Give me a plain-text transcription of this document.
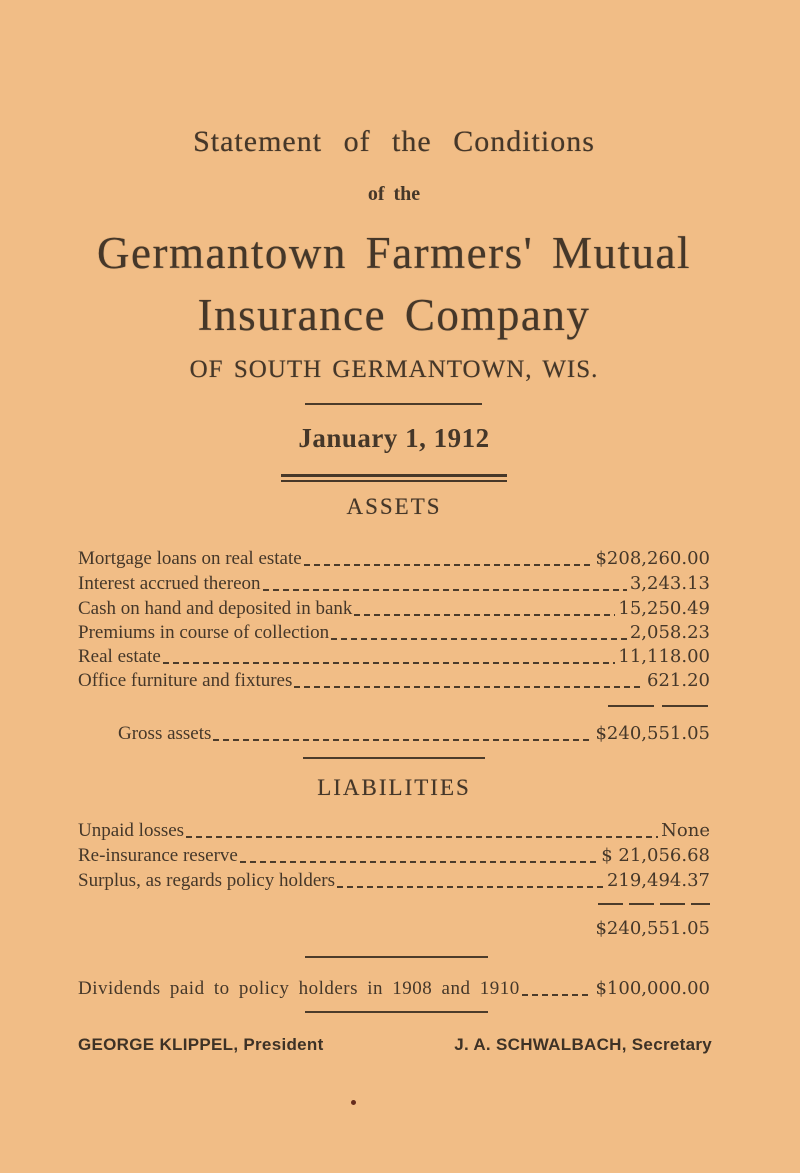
Statement of the Conditions
of the
Germantown Farmers' Mutual
Insurance Company
OF SOUTH GERMANTOWN, WIS.
January 1, 1912
ASSETS
Mortgage loans on real estate	$208,260.00
Interest accrued thereon	3,243.13
Cash on hand and deposited in bank	15,250.49
Premiums in course of collection	2,058.23
Real estate	11,118.00
Office furniture and fixtures	621.20
Gross assets	$240,551.05
LIABILITIES
Unpaid losses	None
Re-insurance reserve	$ 21,056.68
Surplus, as regards policy holders	219,494.37
$240,551.05
Dividends paid to policy holders in 1908 and 1910	$100,000.00
GEORGE KLIPPEL, President	J. A. SCHWALBACH, Secretary
